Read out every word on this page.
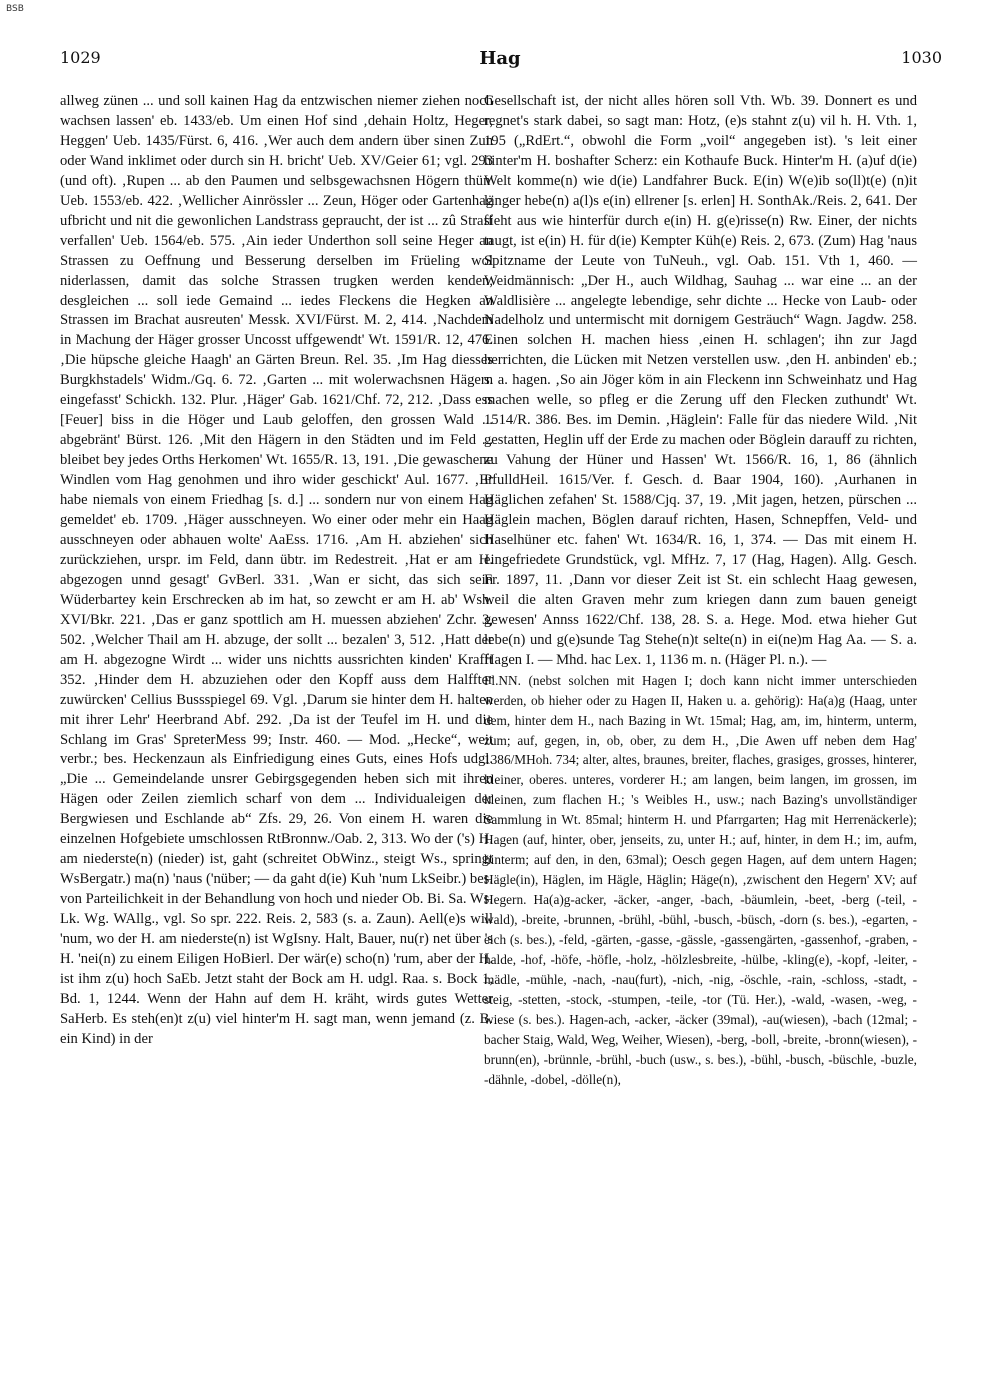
BSB
1029	Hag	1030

allweg zünen ... und soll kainen Hag da entzwischen niemer ziehen noch wachsen lassen' eb. 1433/eb. Um einen Hof sind ‚dehain Holtz, Heger, Heggen' Ueb. 1435/Fürst. 6, 416. ‚Wer auch dem andern über sinen Zun oder Wand inklimet oder durch sin H. bricht' Ueb. XV/Geier 61; vgl. 293 (und oft). ‚Rupen ... ab den Paumen und selbsgewachsnen Högern thün' Ueb. 1553/eb. 422. ‚Wellicher Ainrössler ... Zeun, Höger oder Gartenhag ufbricht und nit die gewonlichen Landstrass gepraucht, der ist ... zû Straff verfallen' Ueb. 1564/eb. 575. ‚Ain ieder Underthon soll seine Heger an Strassen zu Oeffnung und Besserung derselben im Früeling wol niderlassen, damit das solche Strassen trugken werden kenden, desgleichen ... soll iede Gemaind ... iedes Fleckens die Hegken an Strassen im Brachat ausreuten' Messk. XVI/Fürst. M. 2, 414. ‚Nachdem in Machung der Häger grosser Uncosst uffgewendt' Wt. 1591/R. 12, 476. ‚Die hüpsche gleiche Haagh' an Gärten Breun. Rel. 35. ‚Im Hag diesses Burgkhstadels' Widm./Gq. 6. 72. ‚Garten ... mit wolerwachsnen Hägern eingefasst' Schickh. 132. Plur. ‚Häger' Gab. 1621/Chf. 72, 212. ‚Dass ess [Feuer] biss in die Höger und Laub geloffen, den grossen Wald ... abgebränt' Bürst. 126. ‚Mit den Hägern in den Städten und im Feld ... bleibet bey jedes Orths Herkomen' Wt. 1655/R. 13, 191. ‚Die gewaschene Windlen vom Hag genohmen und ihro wider geschickt' Aul. 1677. ‚Er habe niemals von einem Friedhag [s. d.] ... sondern nur von einem Hag gemeldet' eb. 1709. ‚Häger ausschneyen. Wo einer oder mehr ein Haag ausschneyen oder abhauen wolte' AaEss. 1716. ‚Am H. abziehen' sich zurückziehen, urspr. im Feld, dann übtr. im Redestreit. ‚Hat er am H. abgezogen unnd gesagt' GvBerl. 331. ‚Wan er sicht, das sich sein Wüderbartey kein Erschrecken ab im hat, so zewcht er am H. ab' Wsh. XVI/Bkr. 221. ‚Das er ganz spottlich am H. muessen abziehen' Zchr. 3, 502. ‚Welcher Thail am H. abzuge, der sollt ... bezalen' 3, 512. ‚Hatt der am H. abgezogne Wirdt ... wider uns nichtts aussrichten kinden' Krafft 352. ‚Hinder dem H. abzuziehen oder den Kopff auss dem Halffter zuwürcken' Cellius Bussspiegel 69. Vgl. ‚Darum sie hinter dem H. halten mit ihrer Lehr' Heerbrand Abf. 292. ‚Da ist der Teufel im H. und die Schlang im Gras' SpreterMess 99; Instr. 460. — Mod. „Hecke“, weit verbr.; bes. Heckenzaun als Einfriedigung eines Guts, eines Hofs udgl. „Die ... Gemeindelande unsrer Gebirgsgegenden heben sich mit ihren Hägen oder Zeilen ziemlich scharf von dem ... Individualeigen der Bergwiesen und Eschlande ab“ Zfs. 29, 26. Von einem H. waren die einzelnen Hofgebiete umschlossen RtBronnw./Oab. 2, 313. Wo der ('s) H. am niederste(n) (nieder) ist, gaht (schreitet ObWinz., steigt Ws., springt WsBergatr.) ma(n) 'naus ('nüber; — da gaht d(ie) Kuh 'num LkSeibr.) bes. von Parteilichkeit in der Behandlung von hoch und nieder Ob. Bi. Sa. Ws. Lk. Wg. WAllg., vgl. So spr. 222. Reis. 2, 583 (s. a. Zaun). Aell(e)s will 'num, wo der H. am niederste(n) ist WgIsny. Halt, Bauer, nu(r) net über 's H. 'nei(n) zu einem Eiligen HoBierl. Der wär(e) scho(n) 'rum, aber der H. ist ihm z(u) hoch SaEb. Jetzt staht der Bock am H. udgl. Raa. s. Bock 1, Bd. 1, 1244. Wenn der Hahn auf dem H. kräht, wirds gutes Wetter SaHerb. Es steh(en)t z(u) viel hinter'm H. sagt man, wenn jemand (z. B. ein Kind) in der

Gesellschaft ist, der nicht alles hören soll Vth. Wb. 39. Donnert es und regnet's stark dabei, so sagt man: Hotz, (e)s stahnt z(u) vil h. H. Vth. 1, 195 („RdErt.“, obwohl die Form „voil“ angegeben ist). 's leit einer hinter'm H. boshafter Scherz: ein Kothaufe Buck. Hinter'm H. (a)uf d(ie) Welt komme(n) wie d(ie) Landfahrer Buck. E(in) W(e)ib so(ll)t(e) (n)it länger hebe(n) a(l)s e(in) ellrener [s. erlen] H. SonthAk./Reis. 2, 641. Der sieht aus wie hinterfür durch e(in) H. g(e)risse(n) Rw. Einer, der nichts taugt, ist e(in) H. für d(ie) Kempter Küh(e) Reis. 2, 673. (Zum) Hag 'naus Spitzname der Leute von TuNeuh., vgl. Oab. 151. Vth 1, 460. — Weidmännisch: „Der H., auch Wildhag, Sauhag ... war eine ... an der Waldlisière ... angelegte lebendige, sehr dichte ... Hecke von Laub- oder Nadelholz und untermischt mit dornigem Gesträuch“ Wagn. Jagdw. 258. Einen solchen H. machen hiess ‚einen H. schlagen'; ihn zur Jagd herrichten, die Lücken mit Netzen verstellen usw. ‚den H. anbinden' eb.; s. a. hagen. ‚So ain Jöger köm in ain Fleckenn inn Schweinhatz und Hag machen welle, so pfleg er die Zerung uff den Flecken zuthundt' Wt. 1514/R. 386. Bes. im Demin. ‚Häglein': Falle für das niedere Wild. ‚Nit gestatten, Heglin uff der Erde zu machen oder Böglein darauff zu richten, zu Vahung der Hüner und Hassen' Wt. 1566/R. 16, 1, 86 (ähnlich PfulldHeil. 1615/Ver. f. Gesch. d. Baar 1904, 160). ‚Aurhanen in Häglichen zefahen' St. 1588/Cjq. 37, 19. ‚Mit jagen, hetzen, pürschen ... Häglein machen, Böglen darauf richten, Hasen, Schnepffen, Veld- und Haselhüner etc. fahen' Wt. 1634/R. 16, 1, 374. — Das mit einem H. eingefriedete Grundstück, vgl. MfHz. 7, 17 (Hag, Hagen). Allg. Gesch. Fr. 1897, 11. ‚Dann vor dieser Zeit ist St. ein schlecht Haag gewesen, weil die alten Graven mehr zum kriegen dann zum bauen geneigt gewesen' Annss 1622/Chf. 138, 28. S. a. Hege. Mod. etwa hieher Gut lebe(n) und g(e)sunde Tag Stehe(n)t selte(n) in ei(ne)m Hag Aa. — S. a. Hagen I. — Mhd. hac Lex. 1, 1136 m. n. (Häger Pl. n.). —

Fl.NN. (nebst solchen mit Hagen I; doch kann nicht immer unterschieden werden, ob hieher oder zu Hagen II, Haken u. a. gehörig): Ha(a)g (Haag, unter dem, hinter dem H., nach Bazing in Wt. 15mal; Hag, am, im, hinterm, unterm, zum; auf, gegen, in, ob, ober, zu dem H., ‚Die Awen uff neben dem Hag' 1386/MHoh. 734; alter, altes, braunes, breiter, flaches, grasiges, grosses, hinterer, kleiner, oberes. unteres, vorderer H.; am langen, beim langen, im grossen, im kleinen, zum flachen H.; 's Weibles H., usw.; nach Bazing's unvollständiger Sammlung in Wt. 85mal; hinterm H. und Pfarrgarten; Hag mit Herrenäckerle); Hagen (auf, hinter, ober, jenseits, zu, unter H.; auf, hinter, in dem H.; im, aufm, hinterm; auf den, in den, 63mal); Oesch gegen Hagen, auf dem untern Hagen; Hägle(in), Häglen, im Hägle, Häglin; Häge(n), ‚zwischent den Hegern' XV; auf Hegern. Ha(a)g-acker, -äcker, -anger, -bach, -bäumlein, -beet, -berg (-teil, -wald), -breite, -brunnen, -brühl, -bühl, -busch, -büsch, -dorn (s. bes.), -egarten, -eich (s. bes.), -feld, -gärten, -gasse, -gässle, -gassengärten, -gassenhof, -graben, -halde, -hof, -höfe, -höfle, -holz, -hölzlesbreite, -hülbe, -kling(e), -kopf, -leiter, -mädle, -mühle, -nach, -nau(furt), -nich, -nig, -öschle, -rain, -schloss, -stadt, -steig, -stetten, -stock, -stumpen, -teile, -tor (Tü. Her.), -wald, -wasen, -weg, -wiese (s. bes.). Hagen-ach, -acker, -äcker (39mal), -au(wiesen), -bach (12mal; -bacher Staig, Wald, Weg, Weiher, Wiesen), -berg, -boll, -breite, -bronn(wiesen), -brunn(en), -brünnle, -brühl, -buch (usw., s. bes.), -bühl, -busch, -büschle, -buzle, -dähnle, -dobel, -dölle(n),
